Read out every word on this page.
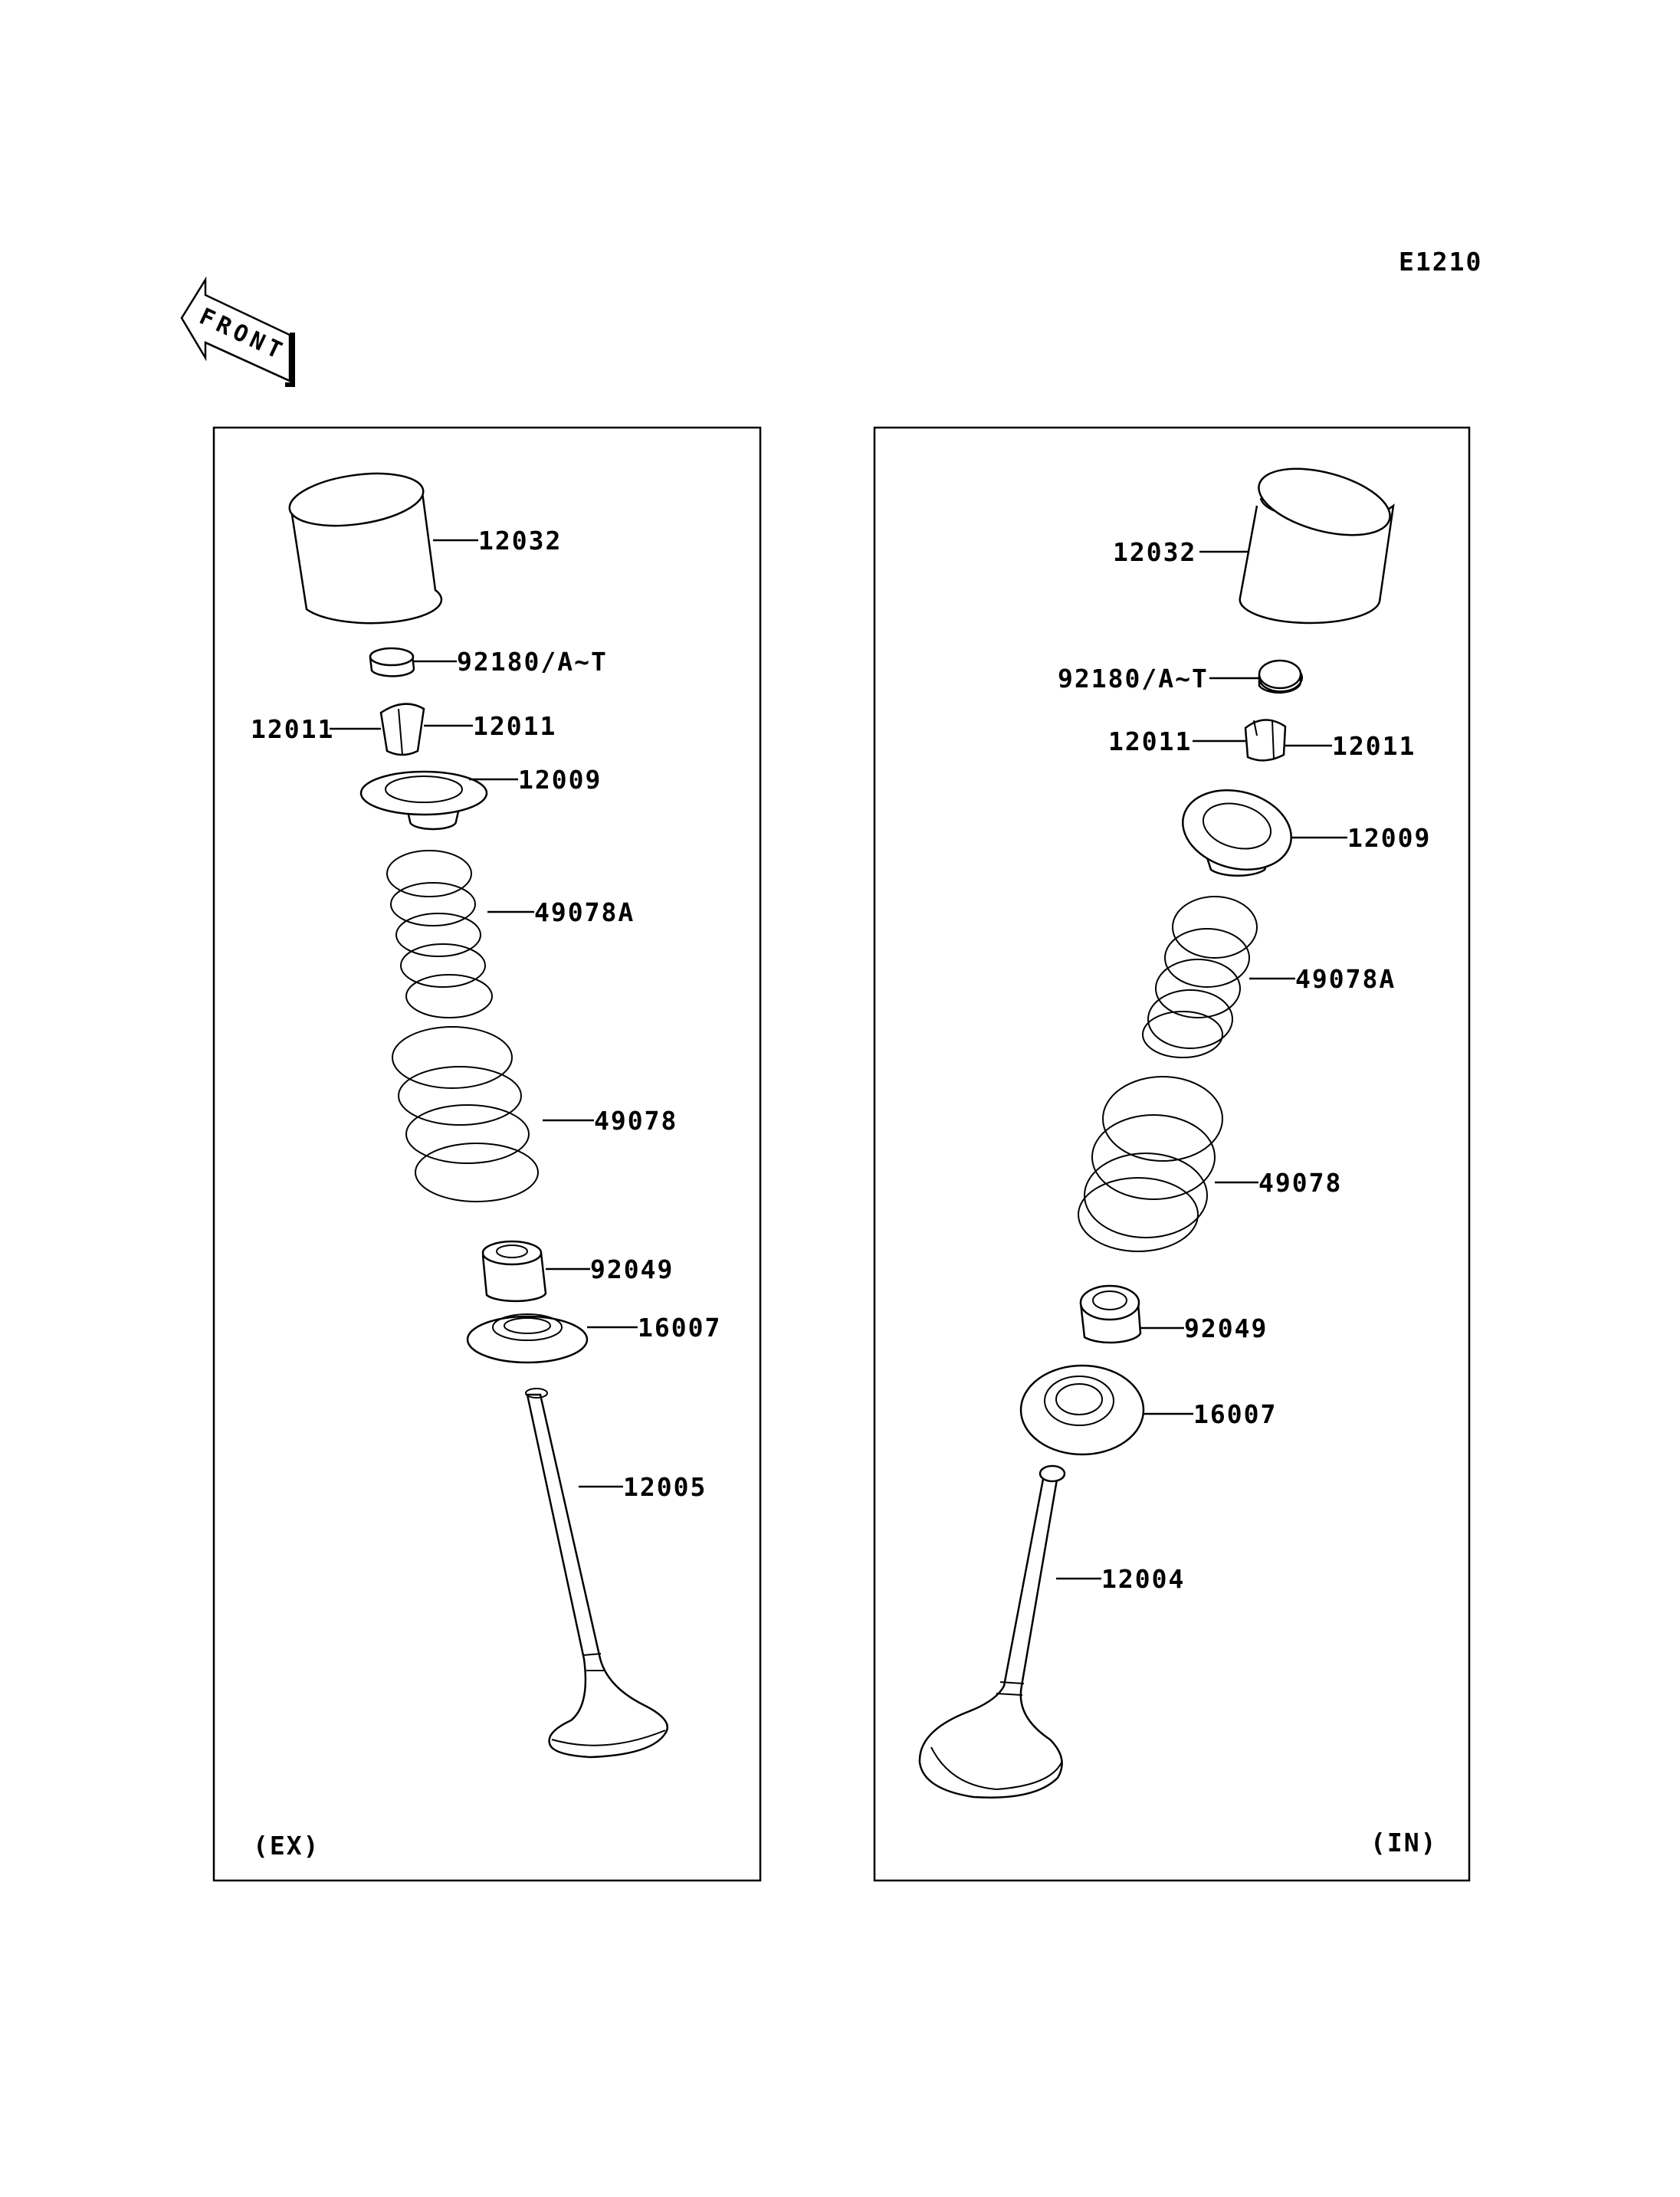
E1210
FRONT
12032
92180/A~T
12011	12011
12009
49078A
49078
92049
16007
12005
(EX)
12032
92180/A~T
12011	12011
12009
49078A
49078
92049
16007
12004
(IN)
